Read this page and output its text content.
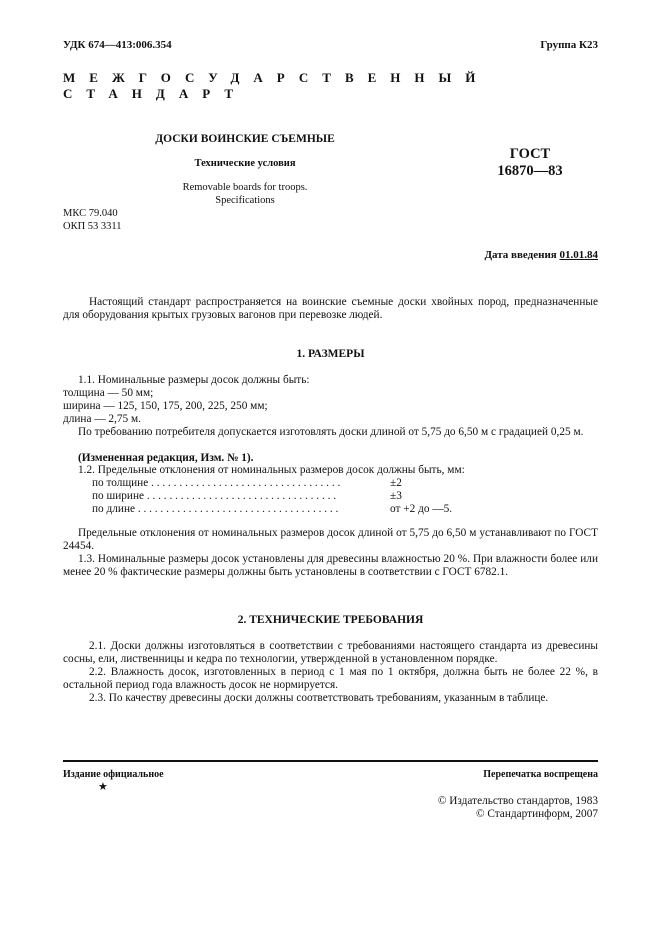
УДК 674—413:006.354	Группа К23
МЕЖГОСУДАРСТВЕННЫЙ СТАНДАРТ
ДОСКИ ВОИНСКИЕ СЪЕМНЫЕ
Технические условия
Removable boards for troops.
Specifications
ГОСТ
16870—83
МКС 79.040
ОКП 53 3311
Дата введения 01.01.84
Настоящий стандарт распространяется на воинские съемные доски хвойных пород, предназначенные для оборудования крытых грузовых вагонов при перевозке людей.
1. РАЗМЕРЫ
1.1. Номинальные размеры досок должны быть:
толщина — 50 мм;
ширина — 125, 150, 175, 200, 225, 250 мм;
длина — 2,75 м.
По требованию потребителя допускается изготовлять доски длиной от 5,75 до 6,50 м с градацией 0,25 м.
(Измененная редакция, Изм. № 1).
1.2. Предельные отклонения от номинальных размеров досок должны быть, мм:
по толщине . . . . . . . . . . . . . . . . . . . . . . . . . . . . . . . . . .	±2
по ширине . . . . . . . . . . . . . . . . . . . . . . . . . . . . . . . . . .	±3
по длине . . . . . . . . . . . . . . . . . . . . . . . . . . . . . . . . . . . .	от +2 до —5.
Предельные отклонения от номинальных размеров досок длиной от 5,75 до 6,50 м устанавливают по ГОСТ 24454.
1.3. Номинальные размеры досок установлены для древесины влажностью 20 %. При влажности более или менее 20 % фактические размеры должны быть установлены в соответствии с ГОСТ 6782.1.
2. ТЕХНИЧЕСКИЕ ТРЕБОВАНИЯ
2.1. Доски должны изготовляться в соответствии с требованиями настоящего стандарта из древесины сосны, ели, лиственницы и кедра по технологии, утвержденной в установленном порядке.
2.2. Влажность досок, изготовленных в период с 1 мая по 1 октября, должна быть не более 22 %, в остальной период года влажность досок не нормируется.
2.3. По качеству древесины доски должны соответствовать требованиям, указанным в таблице.
Издание официальное	Перепечатка воспрещена
★
© Издательство стандартов, 1983
© Стандартинформ, 2007
